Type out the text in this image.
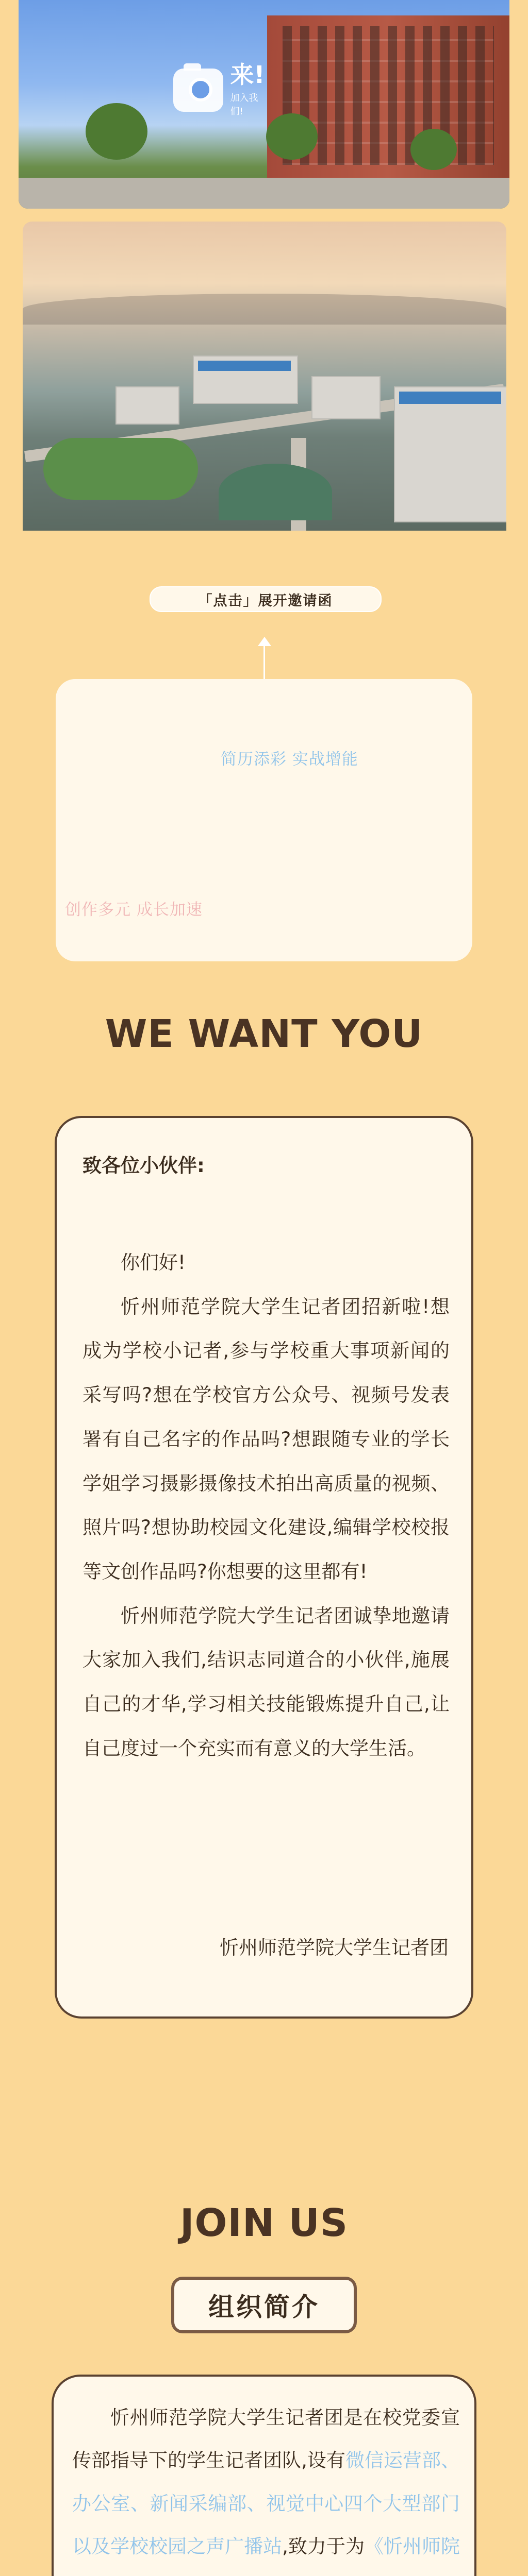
来!
加入我们!
「点击」展开邀请函
简历添彩 实战增能
创作多元 成长加速
WE WANT YOU
致各位小伙伴:

你们好!

忻州师范学院大学生记者团招新啦!想成为学校小记者,参与学校重大事项新闻的采写吗?想在学校官方公众号、视频号发表署有自己名字的作品吗?想跟随专业的学长学姐学习摄影摄像技术拍出高质量的视频、照片吗?想协助校园文化建设,编辑学校校报等文创作品吗?你想要的这里都有!

忻州师范学院大学生记者团诚挚地邀请大家加入我们,结识志同道合的小伙伴,施展自己的才华,学习相关技能锻炼提升自己,让自己度过一个充实而有意义的大学生活。

忻州师范学院大学生记者团
JOIN US
组织简介
忻州师范学院大学生记者团是在校党委宣传部指导下的学生记者团队,设有微信运营部、办公室、新闻采编部、视觉中心四个大型部门以及学校校园之声广播站,致力于为《忻州师院
